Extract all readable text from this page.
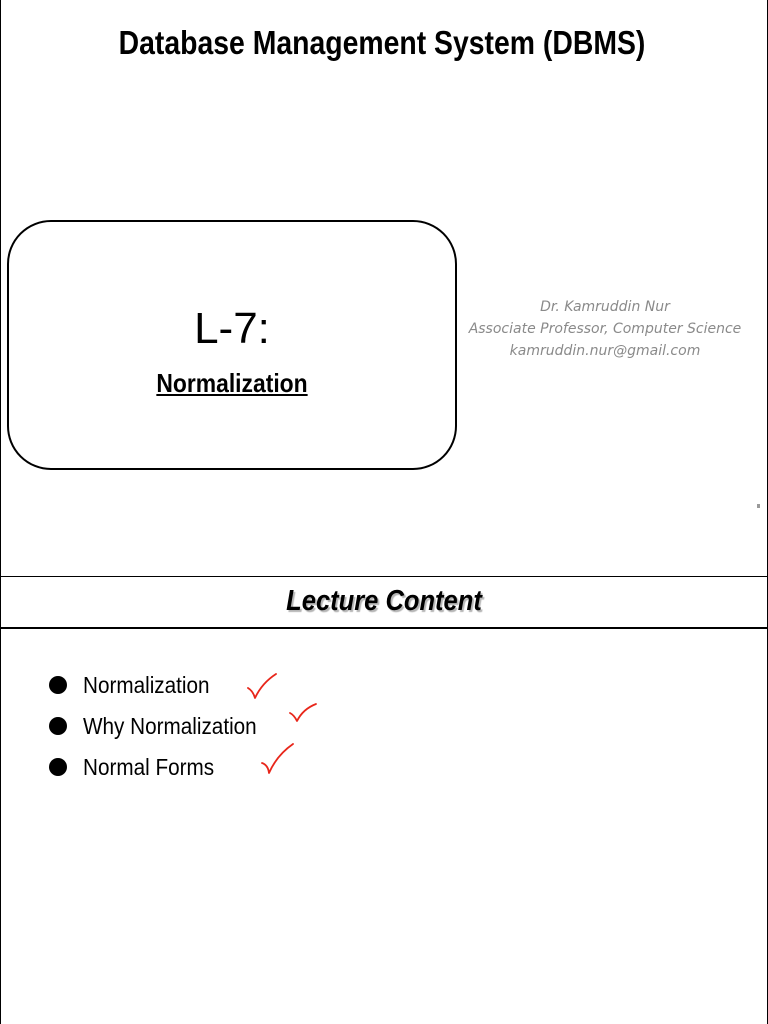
Database Management System (DBMS)
L-7:
Normalization
Dr. Kamruddin Nur
Associate Professor, Computer Science
kamruddin.nur@gmail.com
Lecture Content
Normalization
Why Normalization
Normal Forms
